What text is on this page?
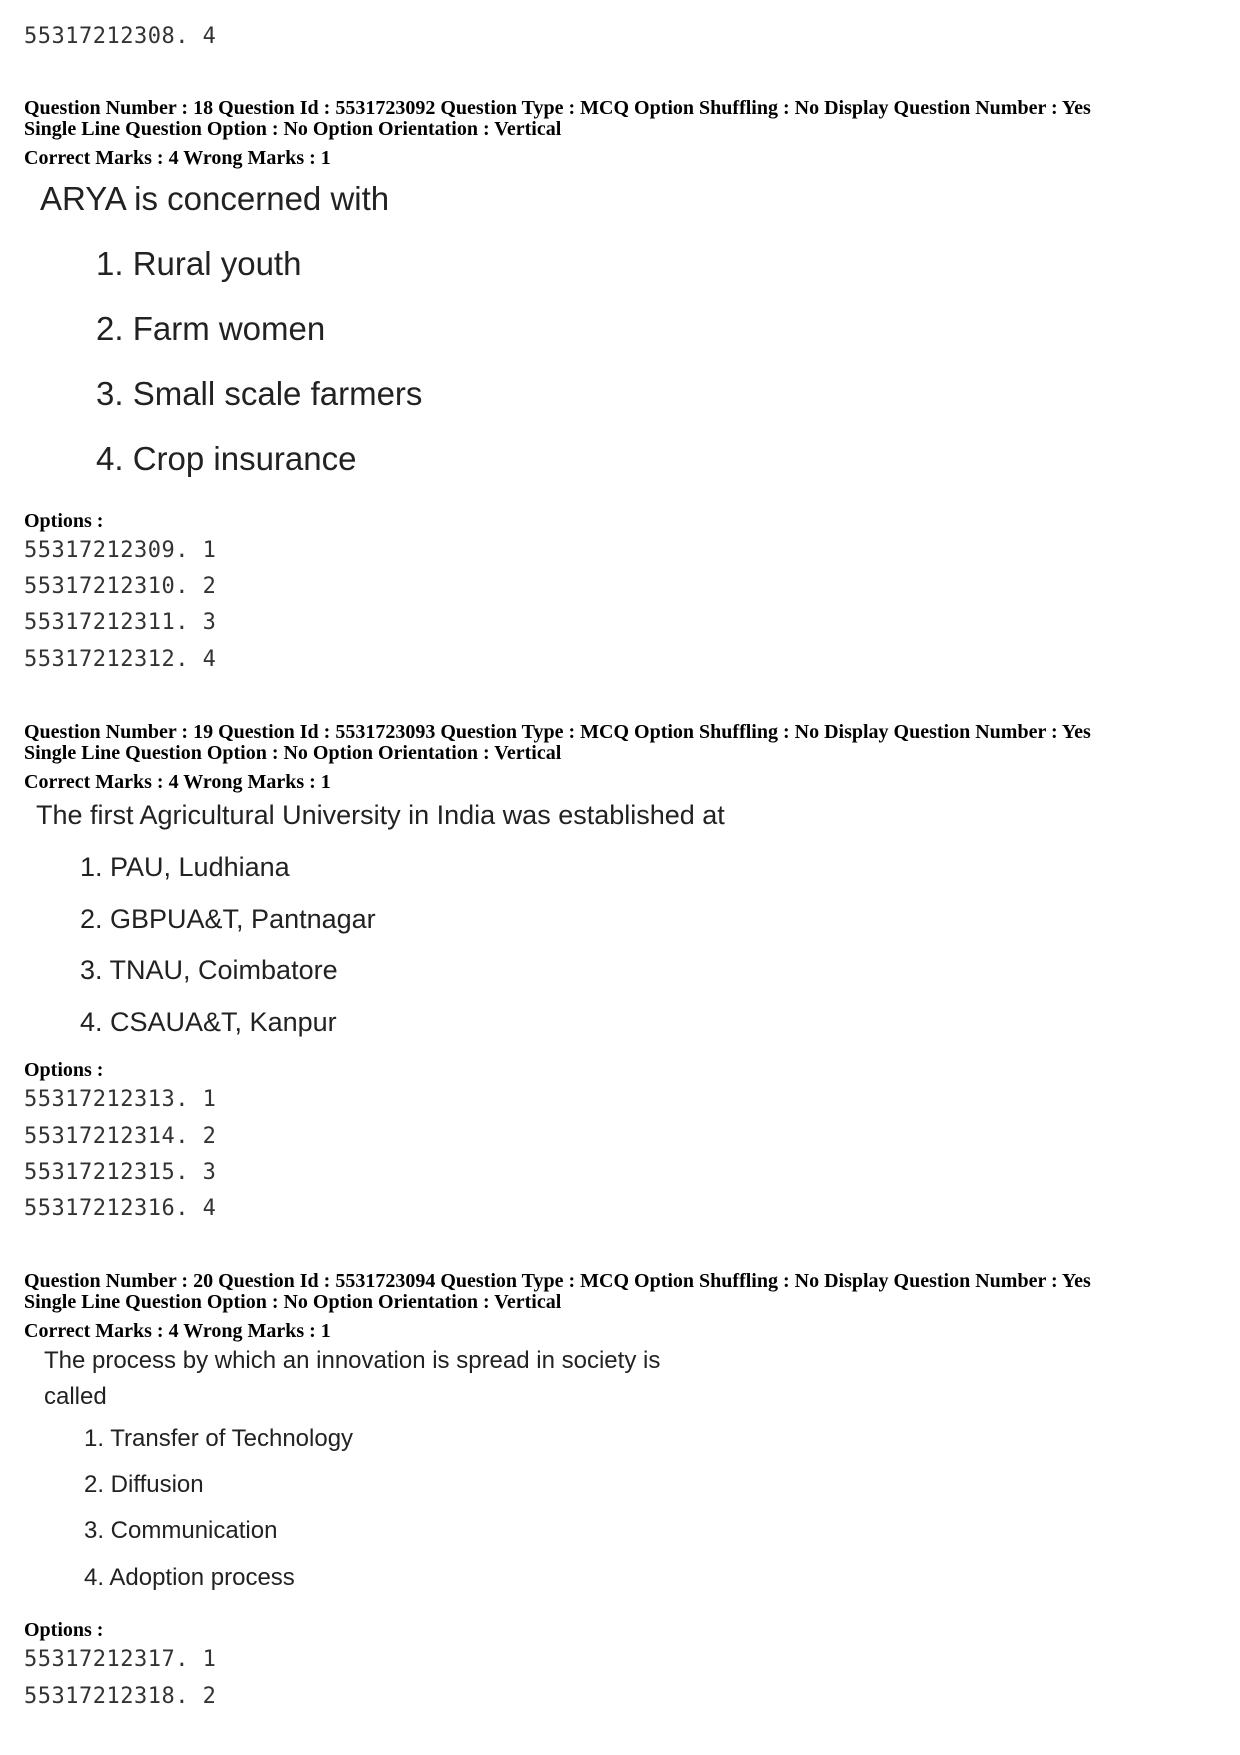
55317212308. 4
Question Number : 18 Question Id : 5531723092 Question Type : MCQ Option Shuffling : No Display Question Number : Yes
Single Line Question Option : No Option Orientation : Vertical
Correct Marks : 4 Wrong Marks : 1
ARYA is concerned with
1. Rural youth
2. Farm women
3. Small scale farmers
4. Crop insurance
Options :
55317212309. 1
55317212310. 2
55317212311. 3
55317212312. 4
Question Number : 19 Question Id : 5531723093 Question Type : MCQ Option Shuffling : No Display Question Number : Yes
Single Line Question Option : No Option Orientation : Vertical
Correct Marks : 4 Wrong Marks : 1
The first Agricultural University in India was established at
1. PAU, Ludhiana
2. GBPUA&T, Pantnagar
3. TNAU, Coimbatore
4. CSAUA&T, Kanpur
Options :
55317212313. 1
55317212314. 2
55317212315. 3
55317212316. 4
Question Number : 20 Question Id : 5531723094 Question Type : MCQ Option Shuffling : No Display Question Number : Yes
Single Line Question Option : No Option Orientation : Vertical
Correct Marks : 4 Wrong Marks : 1
The process by which an innovation is spread in society is called
1. Transfer of Technology
2. Diffusion
3. Communication
4. Adoption process
Options :
55317212317. 1
55317212318. 2
